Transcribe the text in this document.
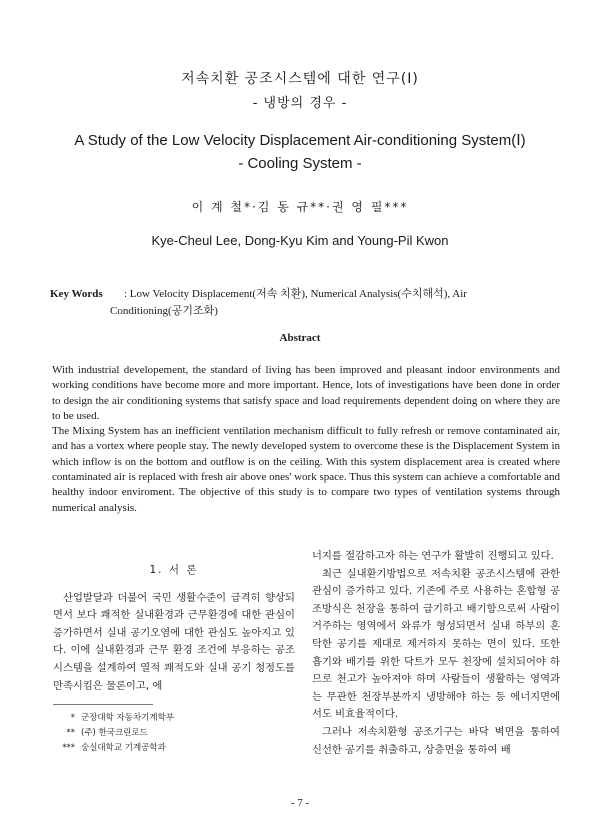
저속치환 공조시스템에 대한 연구(Ⅰ)
- 냉방의 경우 -
A Study of the Low Velocity Displacement Air-conditioning System(Ⅰ)
- Cooling System -
이 계 철*·김 동 규**·권 영 필***
Kye-Cheul Lee, Dong-Kyu Kim and Young-Pil Kwon
Key Words : Low Velocity Displacement(저속 치환), Numerical Analysis(수치해석), Air
Conditioning(공기조화)
Abstract

With industrial developement, the standard of living has been improved and pleasant indoor environments and working conditions have become more and more important. Hence, lots of investigations have been done in order to design the air conditioning systems that satisfy space and load requirements dependent doing on where they are to be used.

The Mixing System has an inefficient ventilation mechanism difficult to fully refresh or remove contaminated air, and has a vortex where people stay. The newly developed system to overcome these is the Displacement System in which inflow is on the bottom and outflow is on the ceiling. With this system displacement area is created where contaminated air is replaced with fresh air above ones' work space. Thus this system can achieve a comfortable and healthy indoor enviroment. The objective of this study is to compare two types of ventilation systems through numerical analysis.

1. 서 론

산업발달과 더불어 국민 생활수준이 급격히 향상되면서 보다 쾌적한 실내환경과 근무환경에 대한 관심이 증가하면서 실내 공기오염에 대한 관심도 높아지고 있다. 이에 실내환경과 근무 환경 조건에 부응하는 공조시스템을 설계하여 열적 쾌적도와 실내 공기 청정도를 만족시킴은 물론이고, 에

너지를 절감하고자 하는 연구가 활발히 진행되고 있다.

최근 실내환기방법으로 저속치환 공조시스템에 관한 관심이 증가하고 있다. 기존에 주로 사용하는 혼합형 공조방식은 천장을 통하여 급기하고 배기함으로써 사람이 거주하는 영역에서 와류가 형성되면서 실내 하부의 혼탁한 공기를 제대로 제거하지 못하는 면이 있다. 또한 흡기와 배기를 위한 닥트가 모두 천장에 설치되어야 하므로 천고가 높아져야 하며 사람들이 생활하는 영역과는 무관한 천장부분까지 냉방해야 하는 등 에너지면에서도 비효율적이다.

그러나 저속치환형 공조기구는 바닥 벽면을 통하여 신선한 공기를 취출하고, 상층면을 통하여 배

* 군장대학 자동차기계학부
** (주) 한국크린로드
*** 숭실대학교 기계공학과
- 7 -
